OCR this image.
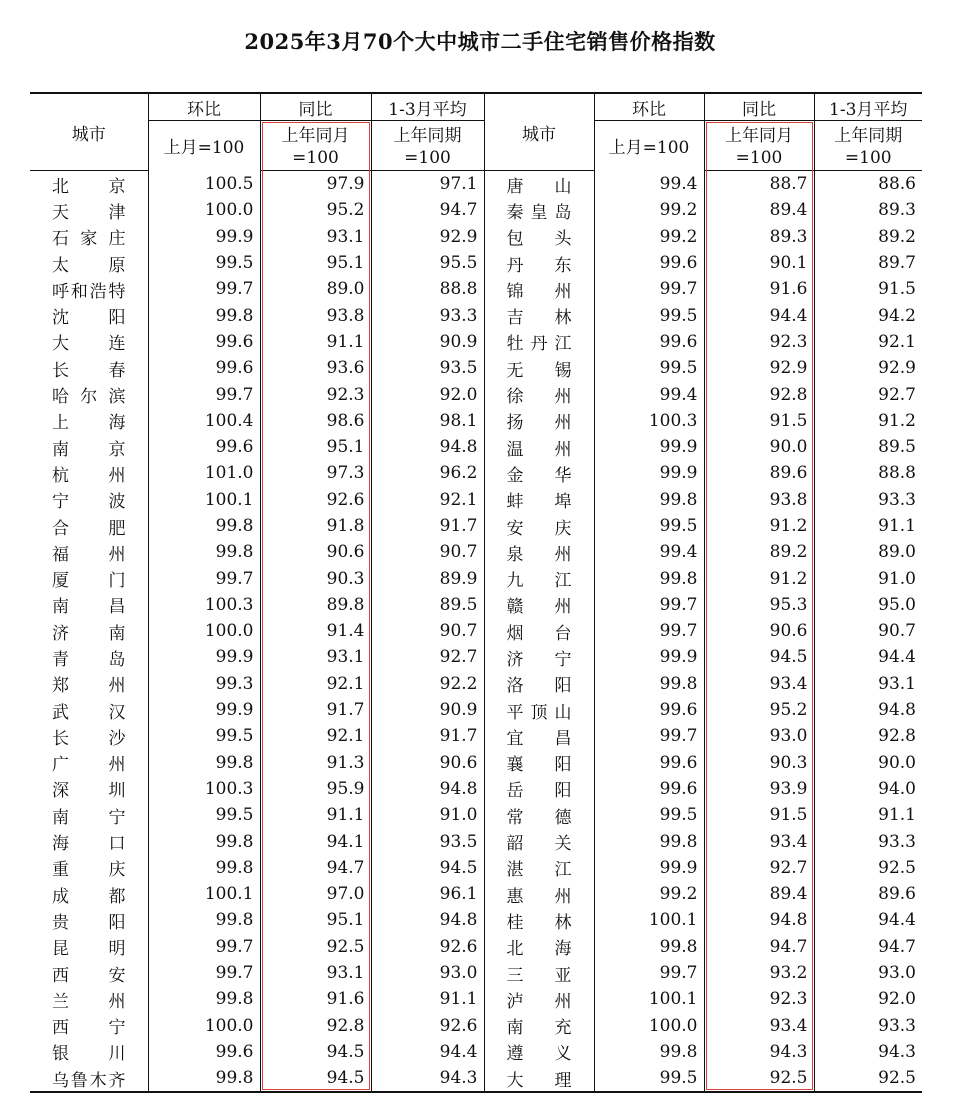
2025年3月70个大中城市二手住宅销售价格指数
城市	环比	同比	1-3月平均	城市	环比	同比	1-3月平均
	上月=100	上年同月	上年同期		上月=100	上年同月	上年同期
		=100	=100			=100	=100
北京	100.5	97.9	97.1	唐山	99.4	88.7	88.6
天津	100.0	95.2	94.7	秦皇岛	99.2	89.4	89.3
石家庄	99.9	93.1	92.9	包头	99.2	89.3	89.2
太原	99.5	95.1	95.5	丹东	99.6	90.1	89.7
呼和浩特	99.7	89.0	88.8	锦州	99.7	91.6	91.5
沈阳	99.8	93.8	93.3	吉林	99.5	94.4	94.2
大连	99.6	91.1	90.9	牡丹江	99.6	92.3	92.1
长春	99.6	93.6	93.5	无锡	99.5	92.9	92.9
哈尔滨	99.7	92.3	92.0	徐州	99.4	92.8	92.7
上海	100.4	98.6	98.1	扬州	100.3	91.5	91.2
南京	99.6	95.1	94.8	温州	99.9	90.0	89.5
杭州	101.0	97.3	96.2	金华	99.9	89.6	88.8
宁波	100.1	92.6	92.1	蚌埠	99.8	93.8	93.3
合肥	99.8	91.8	91.7	安庆	99.5	91.2	91.1
福州	99.8	90.6	90.7	泉州	99.4	89.2	89.0
厦门	99.7	90.3	89.9	九江	99.8	91.2	91.0
南昌	100.3	89.8	89.5	赣州	99.7	95.3	95.0
济南	100.0	91.4	90.7	烟台	99.7	90.6	90.7
青岛	99.9	93.1	92.7	济宁	99.9	94.5	94.4
郑州	99.3	92.1	92.2	洛阳	99.8	93.4	93.1
武汉	99.9	91.7	90.9	平顶山	99.6	95.2	94.8
长沙	99.5	92.1	91.7	宜昌	99.7	93.0	92.8
广州	99.8	91.3	90.6	襄阳	99.6	90.3	90.0
深圳	100.3	95.9	94.8	岳阳	99.6	93.9	94.0
南宁	99.5	91.1	91.0	常德	99.5	91.5	91.1
海口	99.8	94.1	93.5	韶关	99.8	93.4	93.3
重庆	99.8	94.7	94.5	湛江	99.9	92.7	92.5
成都	100.1	97.0	96.1	惠州	99.2	89.4	89.6
贵阳	99.8	95.1	94.8	桂林	100.1	94.8	94.4
昆明	99.7	92.5	92.6	北海	99.8	94.7	94.7
西安	99.7	93.1	93.0	三亚	99.7	93.2	93.0
兰州	99.8	91.6	91.1	泸州	100.1	92.3	92.0
西宁	100.0	92.8	92.6	南充	100.0	93.4	93.3
银川	99.6	94.5	94.4	遵义	99.8	94.3	94.3
乌鲁木齐	99.8	94.5	94.3	大理	99.5	92.5	92.5
